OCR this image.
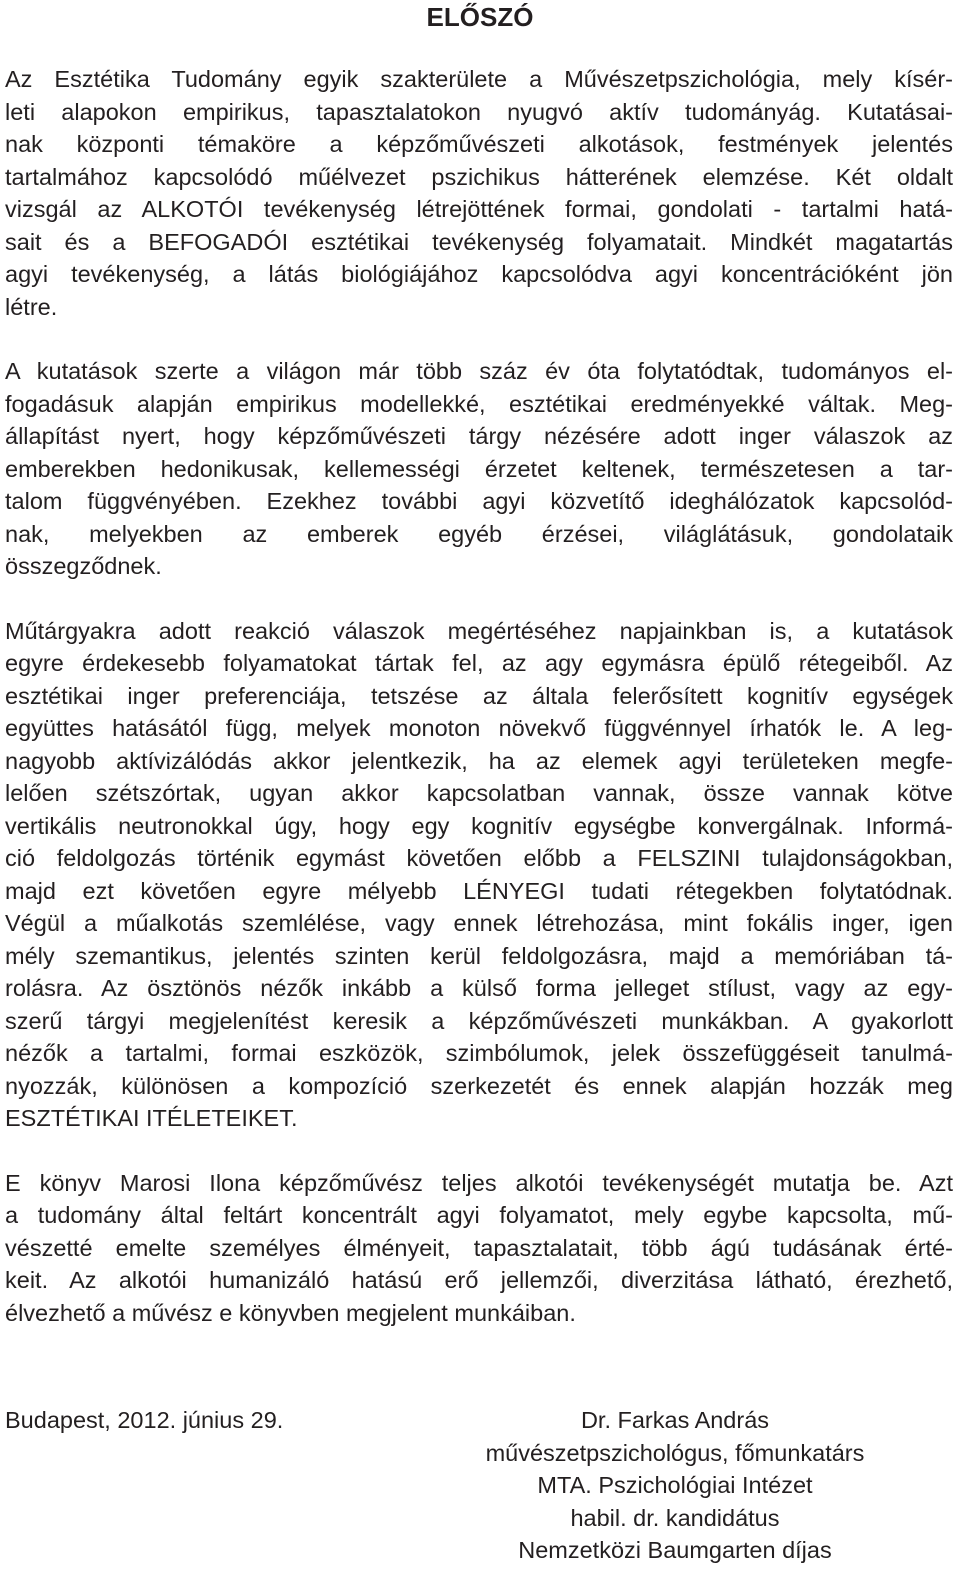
ELŐSZÓ

Az Esztétika Tudomány egyik szakterülete a Művészetpszichológia, mely kísér-
leti alapokon empirikus, tapasztalatokon nyugvó aktív tudományág. Kutatásai-
nak központi témaköre a képzőművészeti alkotások, festmények jelentés
tartalmához kapcsolódó műélvezet pszichikus hátterének elemzése. Két oldalt
vizsgál az ALKOTÓI tevékenység létrejöttének formai, gondolati - tartalmi hatá-
sait és a BEFOGADÓI esztétikai tevékenység folyamatait. Mindkét magatartás
agyi tevékenység, a látás biológiájához kapcsolódva agyi koncentrációként jön
létre.

A kutatások szerte a világon már több száz év óta folytatódtak, tudományos el-
fogadásuk alapján empirikus modellekké, esztétikai eredményekké váltak. Meg-
állapítást nyert, hogy képzőművészeti tárgy nézésére adott inger válaszok az
emberekben hedonikusak, kellemességi érzetet keltenek, természetesen a tar-
talom függvényében. Ezekhez további agyi közvetítő ideghálózatok kapcsolód-
nak, melyekben az emberek egyéb érzései, világlátásuk, gondolataik
összegződnek.

Műtárgyakra adott reakció válaszok megértéséhez napjainkban is, a kutatások
egyre érdekesebb folyamatokat tártak fel, az agy egymásra épülő rétegeiből. Az
esztétikai inger preferenciája, tetszése az általa felerősített kognitív egységek
együttes hatásától függ, melyek monoton növekvő függvénnyel írhatók le. A leg-
nagyobb aktívizálódás akkor jelentkezik, ha az elemek agyi területeken megfe-
lelően szétszórtak, ugyan akkor kapcsolatban vannak, össze vannak kötve
vertikális neutronokkal úgy, hogy egy kognitív egységbe konvergálnak. Informá-
ció feldolgozás történik egymást követően előbb a FELSZINI tulajdonságokban,
majd ezt követően egyre mélyebb LÉNYEGI tudati rétegekben folytatódnak.
Végül a műalkotás szemlélése, vagy ennek létrehozása, mint fokális inger, igen
mély szemantikus, jelentés szinten kerül feldolgozásra, majd a memóriában tá-
rolásra. Az ösztönös nézők inkább a külső forma jelleget stílust, vagy az egy-
szerű tárgyi megjelenítést keresik a képzőművészeti munkákban. A gyakorlott
nézők a tartalmi, formai eszközök, szimbólumok, jelek összefüggéseit tanulmá-
nyozzák, különösen a kompozíció szerkezetét és ennek alapján hozzák meg
ESZTÉTIKAI ITÉLETEIKET.

E könyv Marosi Ilona képzőművész teljes alkotói tevékenységét mutatja be. Azt
a tudomány által feltárt koncentrált agyi folyamatot, mely egybe kapcsolta, mű-
vészetté emelte személyes élményeit, tapasztalatait, több ágú tudásának érté-
keit. Az alkotói humanizáló hatású erő jellemzői, diverzitása látható, érezhető,
élvezhető a művész e könyvben megjelent munkáiban.

Budapest, 2012. június 29.	Dr. Farkas András
művészetpszichológus, főmunkatárs
MTA. Pszichológiai Intézet
habil. dr. kandidátus
Nemzetközi Baumgarten díjas
